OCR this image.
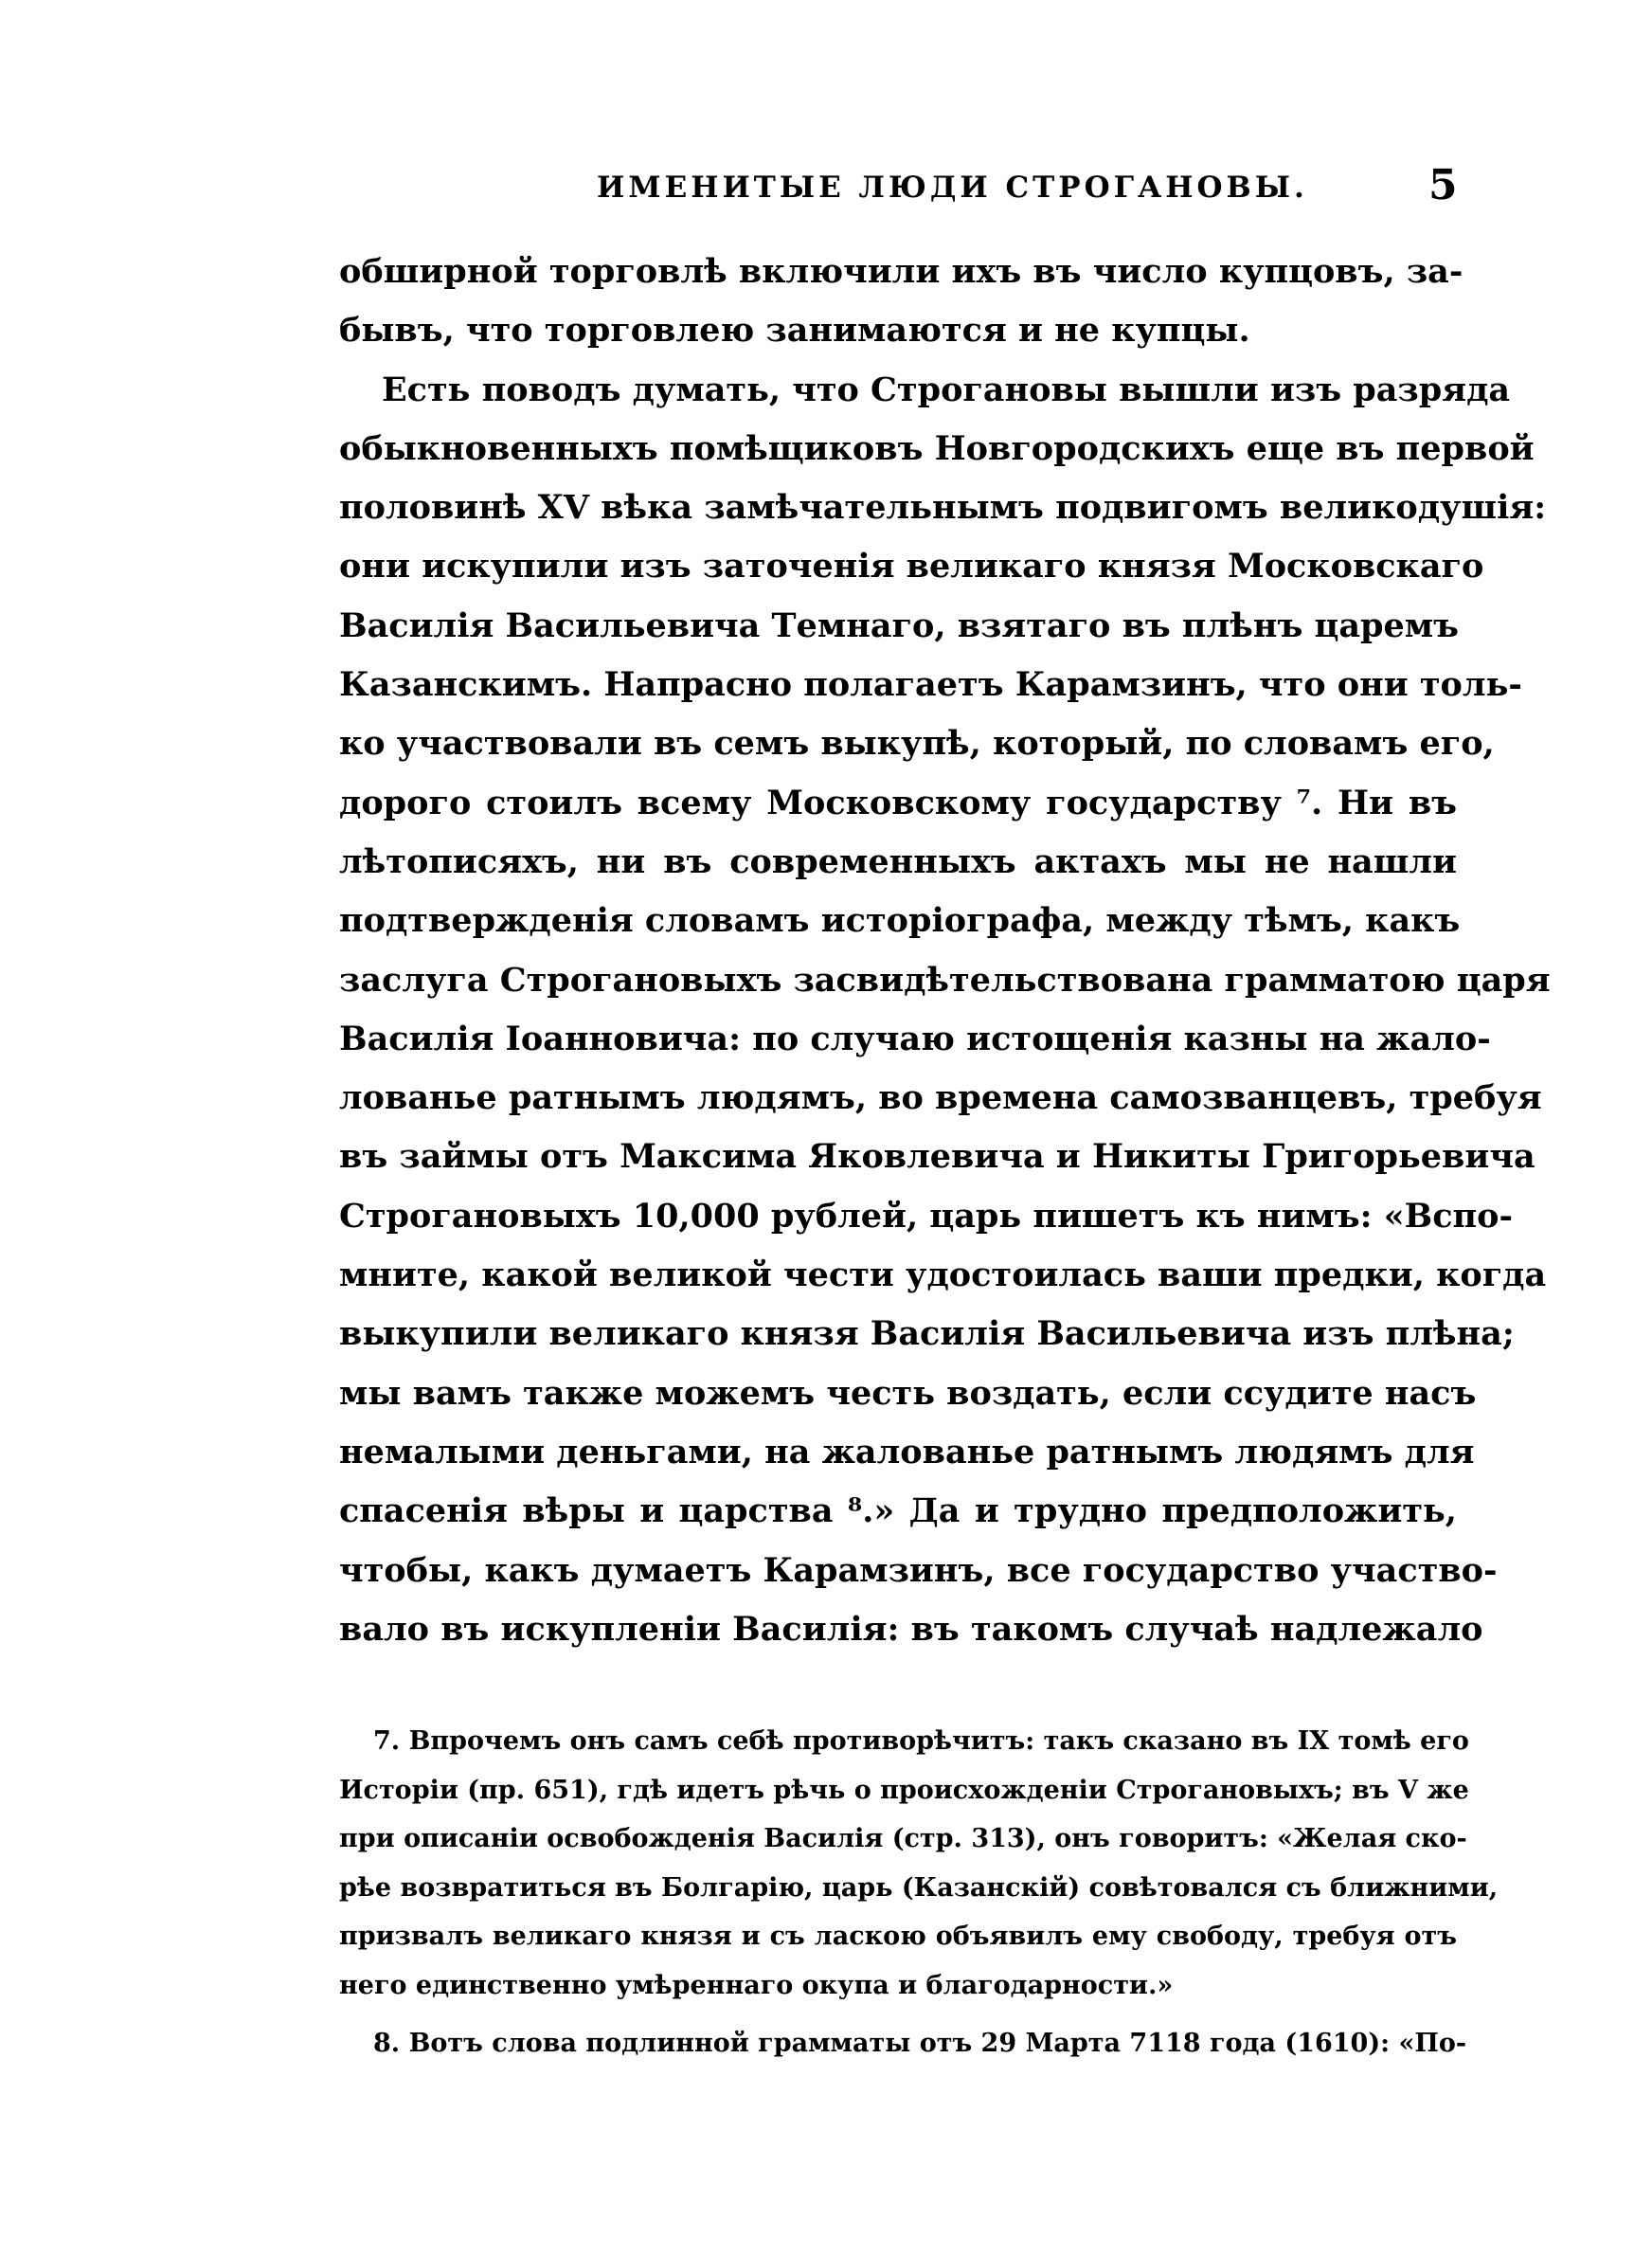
ИМЕНИТЫЕ ЛЮДИ СТРОГАНОВЫ.	5
обширной торговлѣ включили ихъ въ число купцовъ, за-
бывъ, что торговлею занимаются и не купцы.
Есть поводъ думать, что Строгановы вышли изъ разряда
обыкновенныхъ помѣщиковъ Новгородскихъ еще въ первой
половинѣ XV вѣка замѣчательнымъ подвигомъ великодушія:
они искупили изъ заточенія великаго князя Московскаго
Василія Васильевича Темнаго, взятаго въ плѣнъ царемъ
Казанскимъ. Напрасно полагаетъ Карамзинъ, что они толь-
ко участвовали въ семъ выкупѣ, который, по словамъ его,
дорого стоилъ всему Московскому государству ⁷. Ни въ
лѣтописяхъ, ни въ современныхъ актахъ мы не нашли
подтвержденія словамъ исторіографа, между тѣмъ, какъ
заслуга Строгановыхъ засвидѣтельствована грамматою царя
Василія Іоанновича: по случаю истощенія казны на жало-
лованье ратнымъ людямъ, во времена самозванцевъ, требуя
въ займы отъ Максима Яковлевича и Никиты Григорьевича
Строгановыхъ 10,000 рублей, царь пишетъ къ нимъ: «Вспо-
мните, какой великой чести удостоилась ваши предки, когда
выкупили великаго князя Василія Васильевича изъ плѣна;
мы вамъ также можемъ честь воздать, если ссудите насъ
немалыми деньгами, на жалованье ратнымъ людямъ для
спасенія вѣры и царства ⁸.» Да и трудно предположить,
чтобы, какъ думаетъ Карамзинъ, все государство участво-
вало въ искупленіи Василія: въ такомъ случаѣ надлежало
7. Впрочемъ онъ самъ себѣ противорѣчитъ: такъ сказано въ IX томѣ его
Исторіи (пр. 651), гдѣ идетъ рѣчь о происхожденіи Строгановыхъ; въ V же
при описаніи освобожденія Василія (стр. 313), онъ говоритъ: «Желая ско-
рѣе возвратиться въ Болгарію, царь (Казанскій) совѣтовался съ ближними,
призвалъ великаго князя и съ ласкою объявилъ ему свободу, требуя отъ
него единственно умѣреннаго окупа и благодарности.»
8. Вотъ слова подлинной грамматы отъ 29 Марта 7118 года (1610): «По-
